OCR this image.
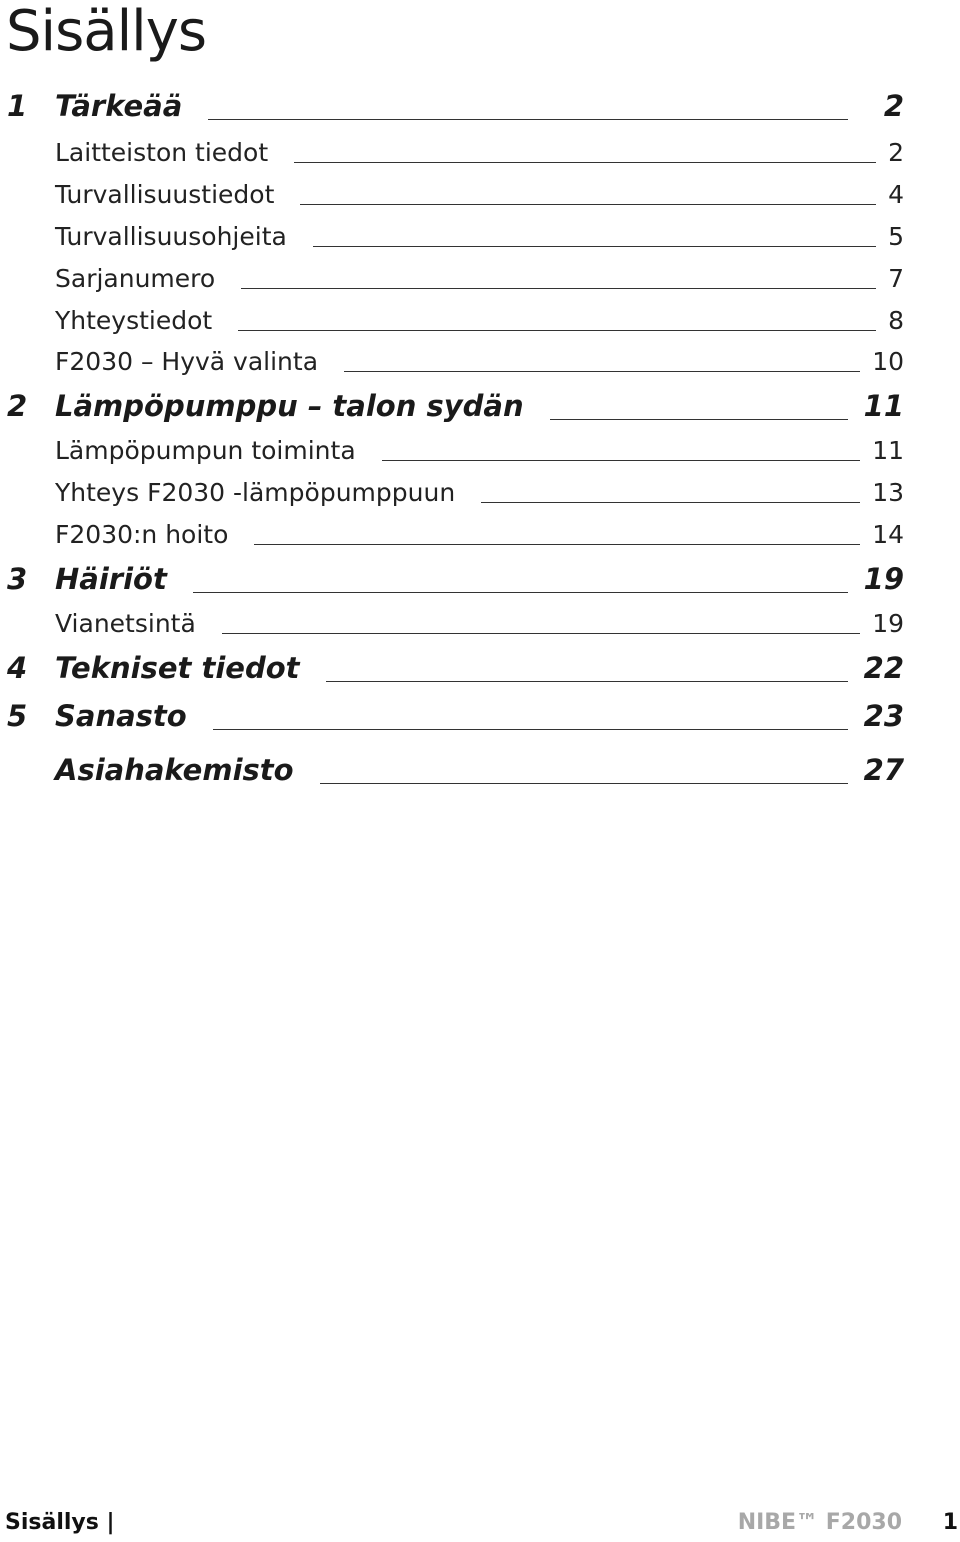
Sisällys
1 Tärkeää	2
Laitteiston tiedot	2
Turvallisuustiedot	4
Turvallisuusohjeita	5
Sarjanumero	7
Yhteystiedot	8
F2030 – Hyvä valinta	10
2 Lämpöpumppu – talon sydän	11
Lämpöpumpun toiminta	11
Yhteys F2030 -lämpöpumppuun	13
F2030:n hoito	14
3 Häiriöt	19
Vianetsintä	19
4 Tekniset tiedot	22
5 Sanasto	23
Asiahakemisto	27
Sisällys |	NIBE™ F2030 1
